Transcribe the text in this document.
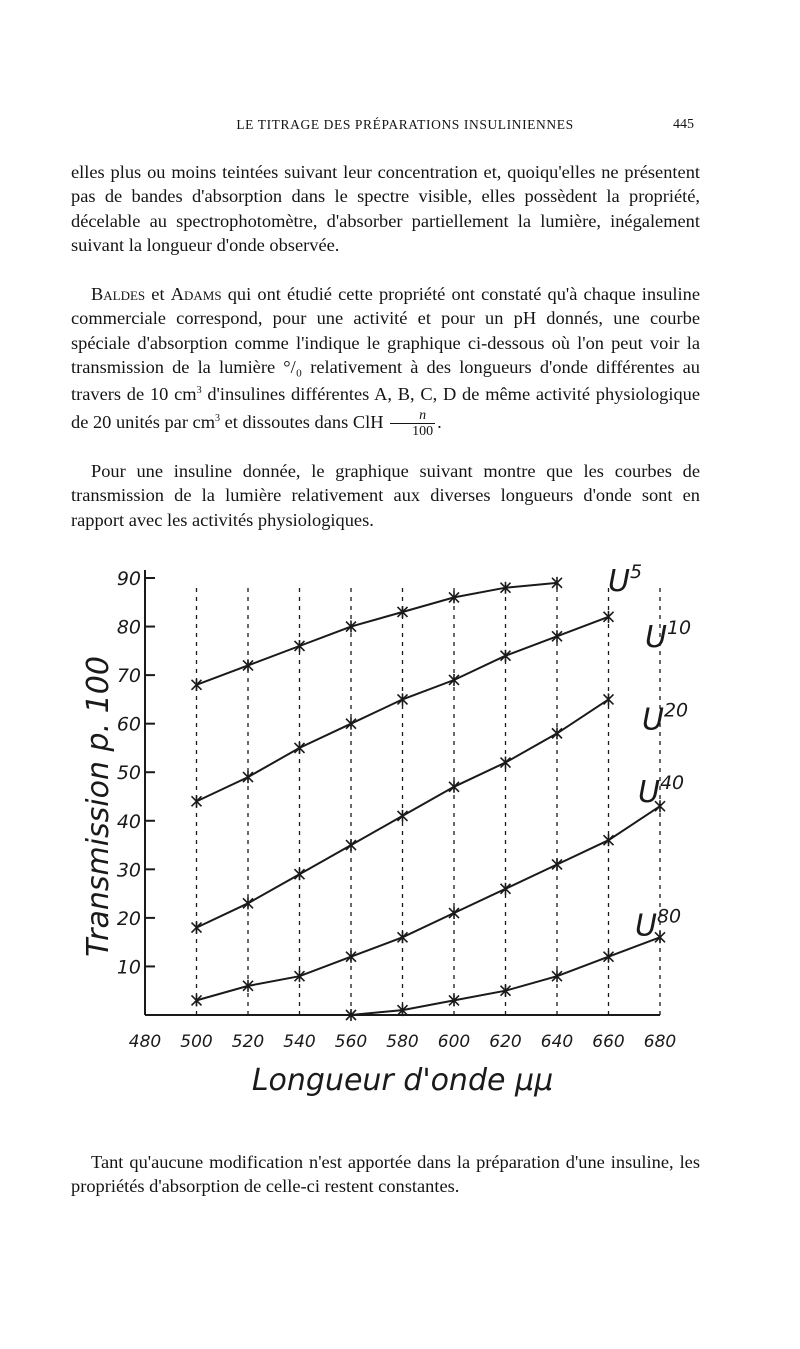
LE TITRAGE DES PRÉPARATIONS INSULINIENNES	445
elles plus ou moins teintées suivant leur concentration et, quoiqu'elles ne présentent pas de bandes d'absorption dans le spectre visible, elles possèdent la propriété, décelable au spectrophotomètre, d'absorber partiellement la lumière, inégalement suivant la longueur d'onde observée.
Baldes et Adams qui ont étudié cette propriété ont constaté qu'à chaque insuline commerciale correspond, pour une activité et pour un pH donnés, une courbe spéciale d'absorption comme l'indique le graphique ci-dessous où l'on peut voir la transmission de la lumière °/₀ relativement à des longueurs d'onde différentes au travers de 10 $cm^3$ d'insulines différentes A, B, C, D de même activité physiologique de 20 unités par $cm^3$ et dissoutes dans ClH $\frac{n}{100}$ .
Pour une insuline donnée, le graphique suivant montre que les courbes de transmission de la lumière relativement aux diverses longueurs d'onde sont en rapport avec les activités physiologiques.
10
20
30
40
50
60
70
80
90
480 500 520 540 560 580 600 620 640 660 680
Longueur d'onde μμ
Transmission p. 100
$U^5$
$U^{10}$
$U^{20}$
$U^{40}$
$U^{80}$
Tant qu'aucune modification n'est apportée dans la préparation d'une insuline, les propriétés d'absorption de celle-ci restent constantes.
